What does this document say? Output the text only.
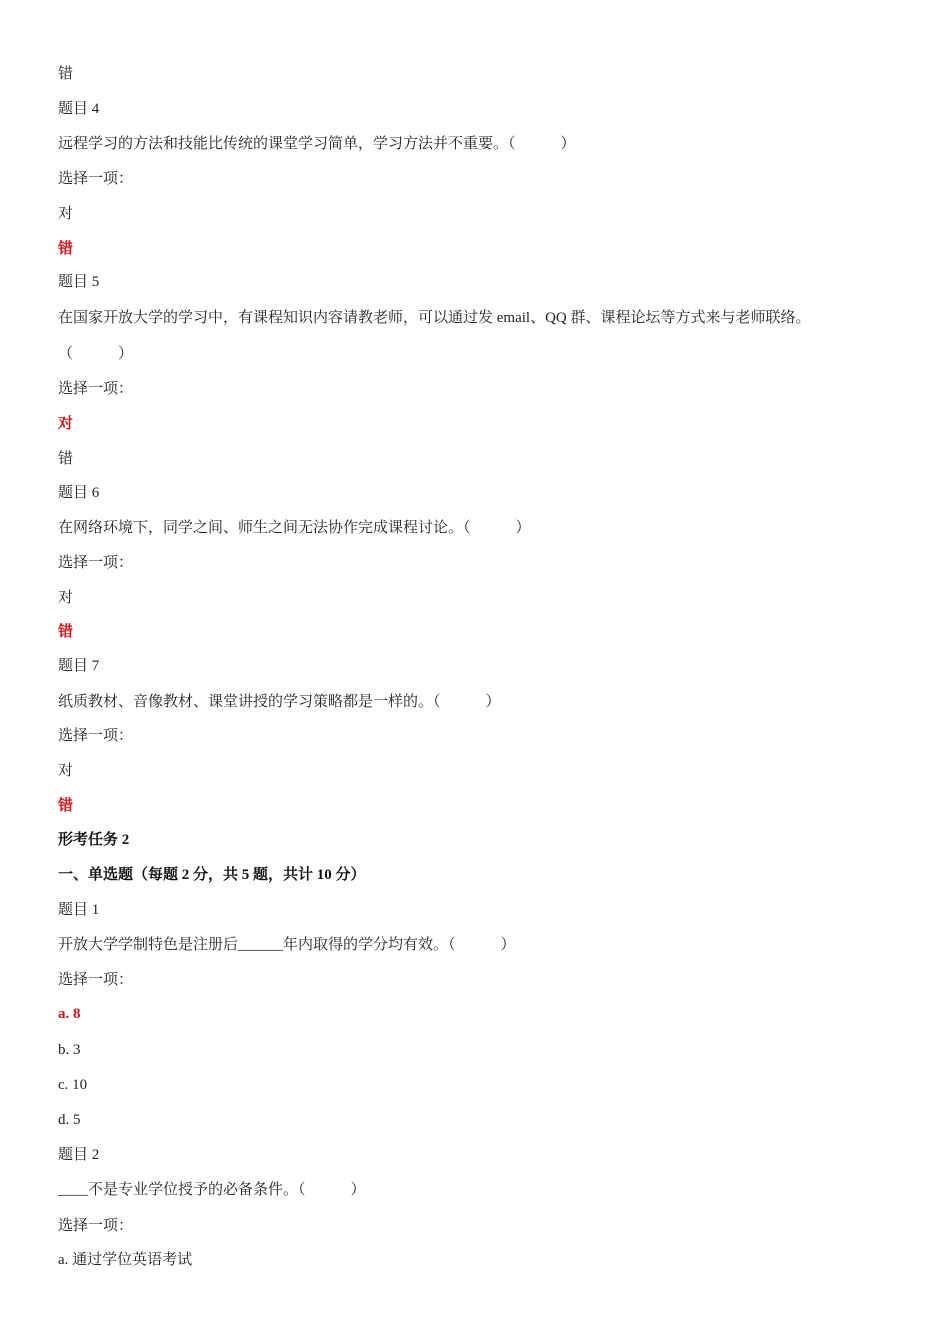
错
题目 4
远程学习的方法和技能比传统的课堂学习简单，学习方法并不重要。（　　　）
选择一项：
对
错
题目 5
在国家开放大学的学习中，有课程知识内容请教老师，可以通过发 email、QQ 群、课程论坛等方式来与老师联络。
（　　　）
选择一项：
对
错
题目 6
在网络环境下，同学之间、师生之间无法协作完成课程讨论。（　　　）
选择一项：
对
错
题目 7
纸质教材、音像教材、课堂讲授的学习策略都是一样的。（　　　）
选择一项：
对
错
形考任务 2
一、单选题（每题 2 分，共 5 题，共计 10 分）
题目 1
开放大学学制特色是注册后______年内取得的学分均有效。（　　　）
选择一项：
a. 8
b. 3
c. 10
d. 5
题目 2
____不是专业学位授予的必备条件。（　　　）
选择一项：
a. 通过学位英语考试
